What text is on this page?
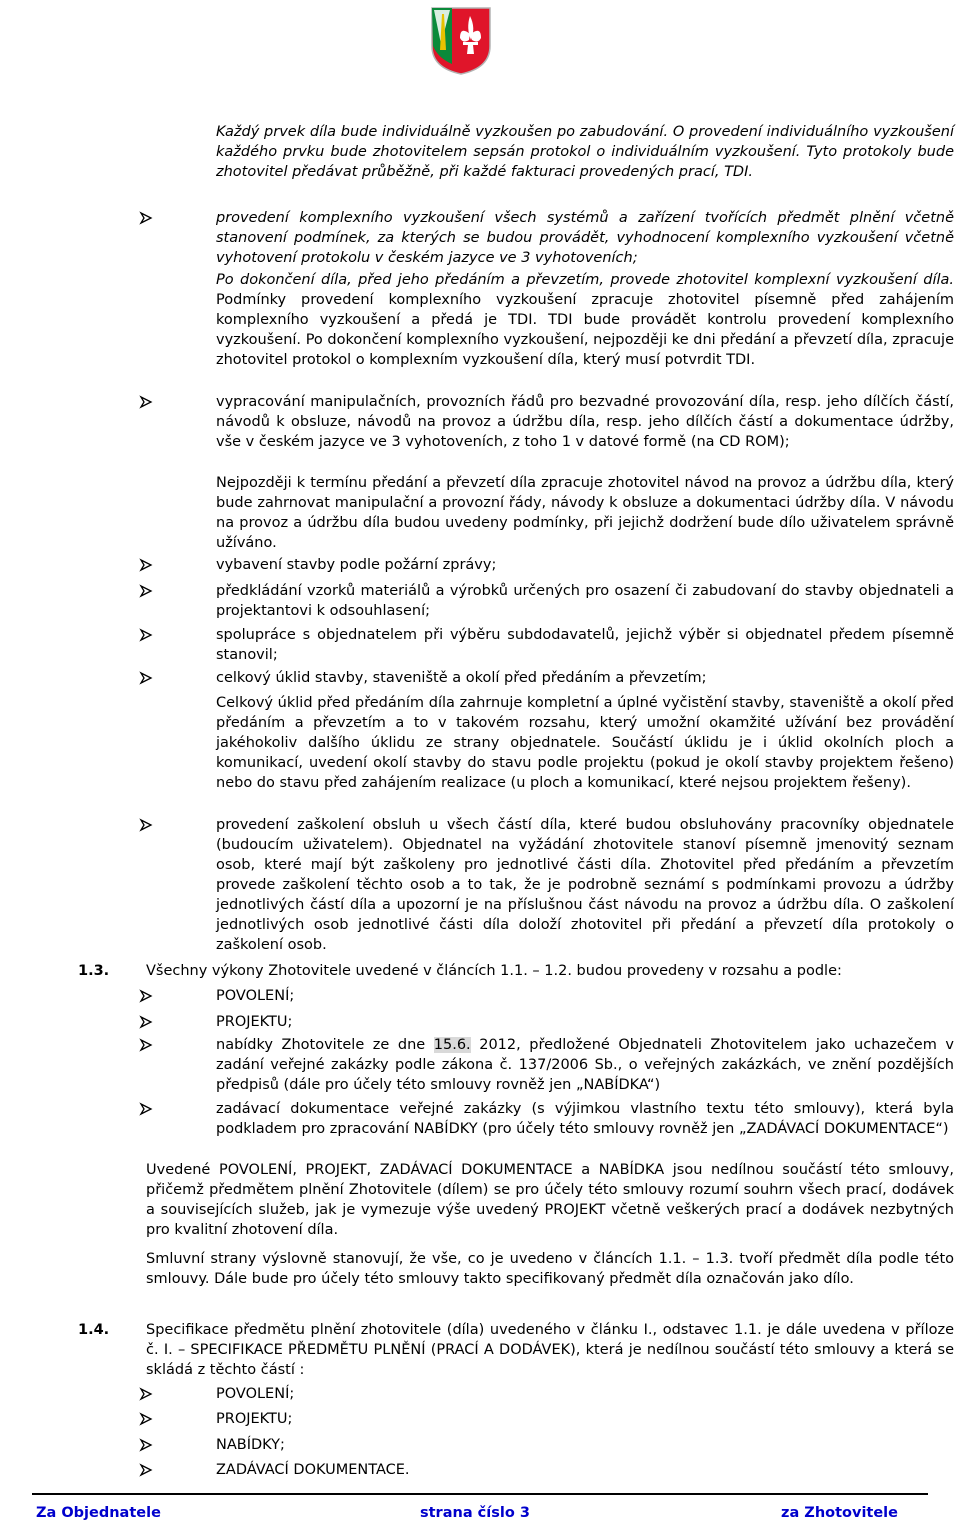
Každý prvek díla bude individuálně vyzkoušen po zabudování. O provedení individuálního vyzkoušení každého prvku bude zhotovitelem sepsán protokol o individuálním vyzkoušení. Tyto protokoly bude zhotovitel předávat průběžně, při každé fakturaci provedených prací, TDI.
provedení komplexního vyzkoušení všech systémů a zařízení tvořících předmět plnění včetně stanovení podmínek, za kterých se budou provádět, vyhodnocení komplexního vyzkoušení včetně vyhotovení protokolu v českém jazyce ve 3 vyhotoveních;
Po dokončení díla, před jeho předáním a převzetím, provede zhotovitel komplexní vyzkoušení díla. Podmínky provedení komplexního vyzkoušení zpracuje zhotovitel písemně před zahájením komplexního vyzkoušení a předá je TDI. TDI bude provádět kontrolu provedení komplexního vyzkoušení. Po dokončení komplexního vyzkoušení, nejpozději ke dni předání a převzetí díla, zpracuje zhotovitel protokol o komplexním vyzkoušení díla, který musí potvrdit TDI.
vypracování manipulačních, provozních řádů pro bezvadné provozování díla, resp. jeho dílčích částí, návodů k obsluze, návodů na provoz a údržbu díla, resp. jeho dílčích částí a dokumentace údržby, vše v českém jazyce ve 3 vyhotoveních, z toho 1 v datové formě (na CD ROM);
Nejpozději k termínu předání a převzetí díla zpracuje zhotovitel návod na provoz a údržbu díla, který bude zahrnovat manipulační a provozní řády, návody k obsluze a dokumentaci údržby díla. V návodu na provoz a údržbu díla budou uvedeny podmínky, při jejichž dodržení bude dílo uživatelem správně užíváno.
vybavení stavby podle požární zprávy;
předkládání vzorků materiálů a výrobků určených pro osazení či zabudovaní do stavby objednateli a projektantovi k odsouhlasení;
spolupráce s objednatelem při výběru subdodavatelů, jejichž výběr si objednatel předem písemně stanovil;
celkový úklid stavby, staveniště a okolí před předáním a převzetím;
Celkový úklid před předáním díla zahrnuje kompletní a úplné vyčistění stavby, staveniště a okolí před předáním a převzetím a to v takovém rozsahu, který umožní okamžité užívání bez provádění jakéhokoliv dalšího úklidu ze strany objednatele. Součástí úklidu je i úklid okolních ploch a komunikací, uvedení okolí stavby do stavu podle projektu (pokud je okolí stavby projektem řešeno) nebo do stavu před zahájením realizace (u ploch a komunikací, které nejsou projektem řešeny).
provedení zaškolení obsluh u všech částí díla, které budou obsluhovány pracovníky objednatele (budoucím uživatelem). Objednatel na vyžádání zhotovitele stanoví písemně jmenovitý seznam osob, které mají být zaškoleny pro jednotlivé části díla. Zhotovitel před předáním a převzetím provede zaškolení těchto osob a to tak, že je podrobně seznámí s podmínkami provozu a údržby jednotlivých částí díla a upozorní je na příslušnou část návodu na provoz a údržbu díla. O zaškolení jednotlivých osob jednotlivé části díla doloží zhotovitel při předání a převzetí díla protokoly o zaškolení osob.
1.3.	Všechny výkony Zhotovitele uvedené v článcích 1.1. – 1.2. budou provedeny v rozsahu a podle:
POVOLENÍ;
PROJEKTU;
nabídky Zhotovitele ze dne 15.6. 2012, předložené Objednateli Zhotovitelem jako uchazečem v zadání veřejné zakázky podle zákona č. 137/2006 Sb., o veřejných zakázkách, ve znění pozdějších předpisů (dále pro účely této smlouvy rovněž jen „NABÍDKA“)
zadávací dokumentace veřejné zakázky (s výjimkou vlastního textu této smlouvy), která byla podkladem pro zpracování NABÍDKY (pro účely této smlouvy rovněž jen „ZADÁVACÍ DOKUMENTACE“)
Uvedené POVOLENÍ, PROJEKT, ZADÁVACÍ DOKUMENTACE a NABÍDKA jsou nedílnou součástí této smlouvy, přičemž předmětem plnění Zhotovitele (dílem) se pro účely této smlouvy rozumí souhrn všech prací, dodávek a souvisejících služeb, jak je vymezuje výše uvedený PROJEKT včetně veškerých prací a dodávek nezbytných pro kvalitní zhotovení díla.
Smluvní strany výslovně stanovují, že vše, co je uvedeno v článcích 1.1. – 1.3. tvoří předmět díla podle této smlouvy. Dále bude pro účely této smlouvy takto specifikovaný předmět díla označován jako dílo.
1.4.	Specifikace předmětu plnění zhotovitele (díla) uvedeného v článku I., odstavec 1.1. je dále uvedena v příloze č. I. – SPECIFIKACE PŘEDMĚTU PLNĚNÍ (PRACÍ A DODÁVEK), která je nedílnou součástí této smlouvy a která se skládá z těchto částí :
POVOLENÍ;
PROJEKTU;
NABÍDKY;
ZADÁVACÍ DOKUMENTACE.
Za Objednatele	strana číslo 3	za Zhotovitele
